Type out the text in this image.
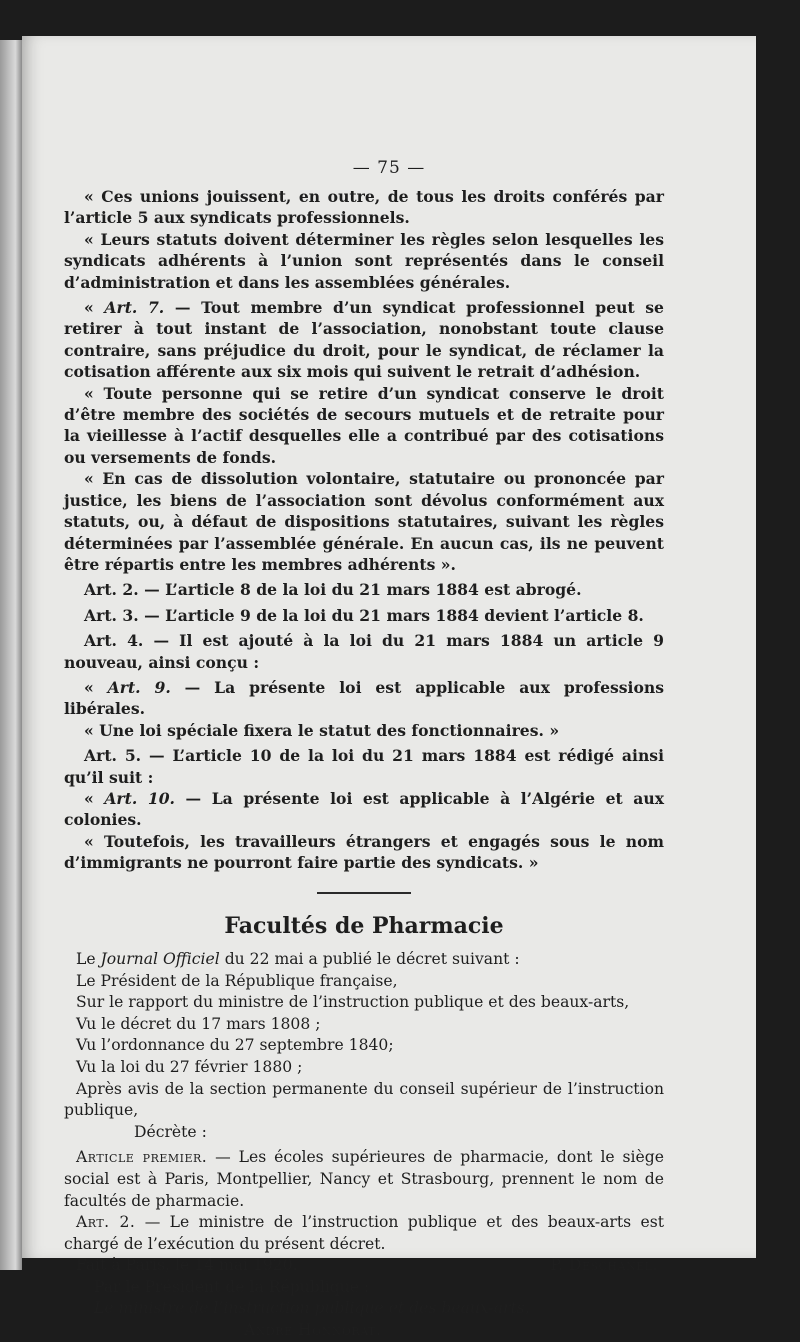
— 75 —

« Ces unions jouissent, en outre, de tous les droits conférés par l’article 5 aux syndicats professionnels.

« Leurs statuts doivent déterminer les règles selon lesquelles les syndicats adhérents à l’union sont représentés dans le conseil d’administration et dans les assemblées générales.

« Art. 7. — Tout membre d’un syndicat professionnel peut se retirer à tout instant de l’association, nonobstant toute clause contraire, sans préjudice du droit, pour le syndicat, de réclamer la cotisation afférente aux six mois qui suivent le retrait d’adhésion.

« Toute personne qui se retire d’un syndicat conserve le droit d’être membre des sociétés de secours mutuels et de retraite pour la vieillesse à l’actif desquelles elle a contribué par des cotisations ou versements de fonds.

« En cas de dissolution volontaire, statutaire ou prononcée par justice, les biens de l’association sont dévolus conformément aux statuts, ou, à défaut de dispositions statutaires, suivant les règles déterminées par l’assemblée générale. En aucun cas, ils ne peuvent être répartis entre les membres adhérents ».

Art. 2. — L’article 8 de la loi du 21 mars 1884 est abrogé.

Art. 3. — L’article 9 de la loi du 21 mars 1884 devient l’article 8.

Art. 4. — Il est ajouté à la loi du 21 mars 1884 un article 9 nouveau, ainsi conçu :

« Art. 9. — La présente loi est applicable aux professions libérales.

« Une loi spéciale fixera le statut des fonctionnaires. »

Art. 5. — L’article 10 de la loi du 21 mars 1884 est rédigé ainsi qu’il suit :

« Art. 10. — La présente loi est applicable à l’Algérie et aux colonies.

« Toutefois, les travailleurs étrangers et engagés sous le nom d’immigrants ne pourront faire partie des syndicats. »

Facultés de Pharmacie

Le Journal Officiel du 22 mai a publié le décret suivant :

Le Président de la République française,

Sur le rapport du ministre de l’instruction publique et des beaux-arts,

Vu le décret du 17 mars 1808 ;

Vu l’ordonnance du 27 septembre 1840;

Vu la loi du 27 février 1880 ;

Après avis de la section permanente du conseil supérieur de l’instruction publique,

Décrète :

Article premier. — Les écoles supérieures de pharmacie, dont le siège social est à Paris, Montpellier, Nancy et Strasbourg, prennent le nom de facultés de pharmacie.

Art. 2. — Le ministre de l’instruction publique et des beaux-arts est chargé de l’exécution du présent décret.

Fait à Paris, le 14 mai 1920.	P. Deschanel.

Par le Président de la République :

Le ministre de l’instruction publique et des beaux-arts,

André Honnorat.
